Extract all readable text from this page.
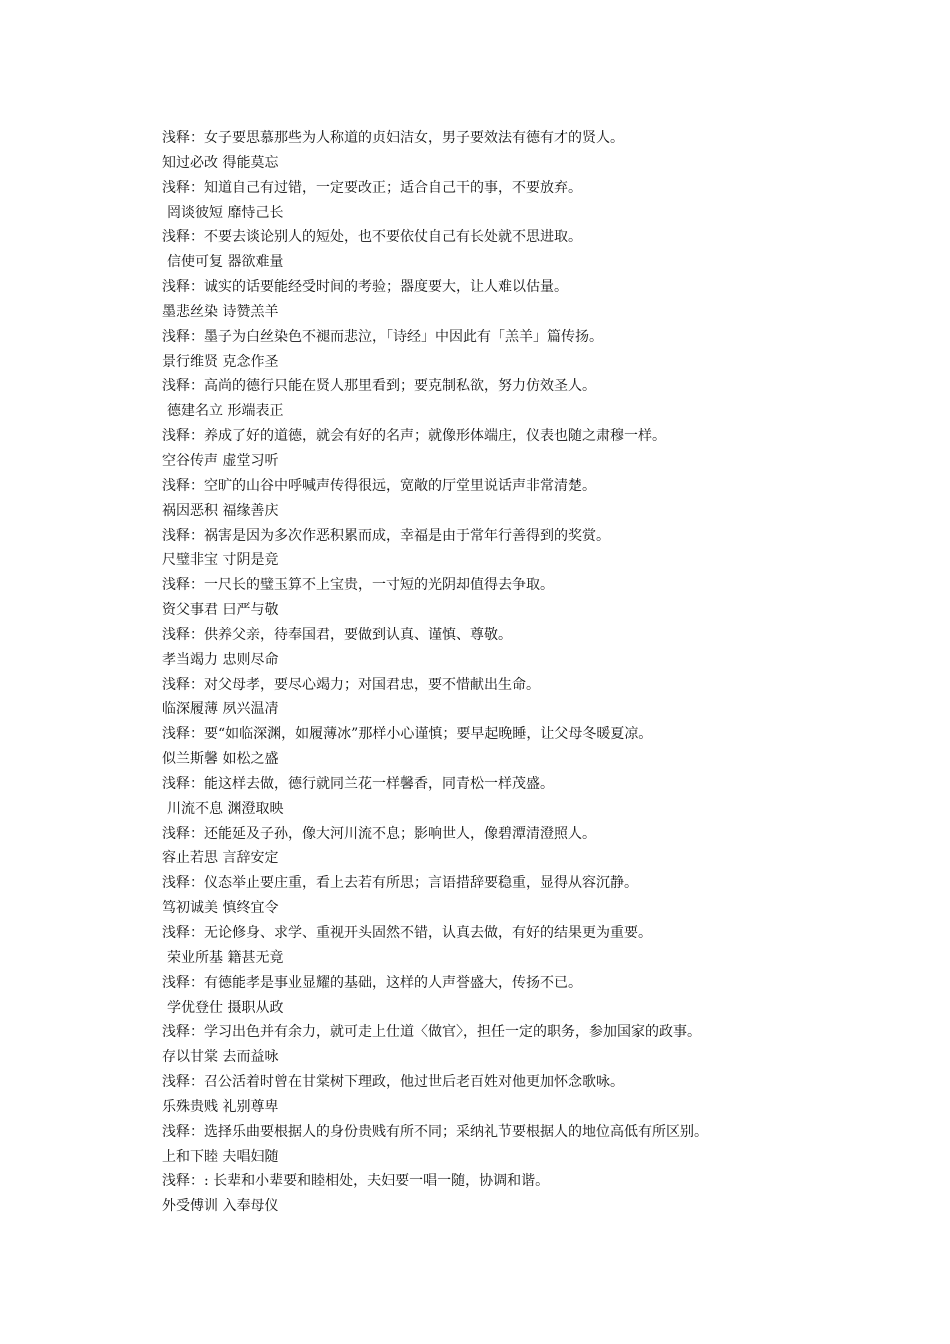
浅释：女子要思慕那些为人称道的贞妇洁女，男子要效法有德有才的贤人。
知过必改 得能莫忘
浅释：知道自己有过错，一定要改正；适合自己干的事，不要放弃。
罔谈彼短 靡恃己长
浅释：不要去谈论别人的短处，也不要依仗自己有长处就不思进取。
信使可复 器欲难量
浅释：诚实的话要能经受时间的考验；器度要大，让人难以估量。
墨悲丝染 诗赞羔羊
浅释：墨子为白丝染色不褪而悲泣，「诗经」中因此有「羔羊」篇传扬。
景行维贤 克念作圣
浅释：高尚的德行只能在贤人那里看到；要克制私欲，努力仿效圣人。
德建名立 形端表正
浅释：养成了好的道德，就会有好的名声；就像形体端庄，仪表也随之肃穆一样。
空谷传声 虚堂习听
浅释：空旷的山谷中呼喊声传得很远，宽敞的厅堂里说话声非常清楚。
祸因恶积 福缘善庆
浅释：祸害是因为多次作恶积累而成，幸福是由于常年行善得到的奖赏。
尺璧非宝 寸阴是竞
浅释：一尺长的璧玉算不上宝贵，一寸短的光阴却值得去争取。
资父事君 曰严与敬
浅释：供养父亲，待奉国君，要做到认真、谨慎、尊敬。
孝当竭力 忠则尽命
浅释：对父母孝，要尽心竭力；对国君忠，要不惜献出生命。
临深履薄 夙兴温凊
浅释：要“如临深渊，如履薄冰”那样小心谨慎；要早起晚睡，让父母冬暖夏凉。
似兰斯馨 如松之盛
浅释：能这样去做，德行就同兰花一样馨香，同青松一样茂盛。
川流不息 渊澄取映
浅释：还能延及子孙，像大河川流不息；影响世人，像碧潭清澄照人。
容止若思 言辞安定
浅释：仪态举止要庄重，看上去若有所思；言语措辞要稳重，显得从容沉静。
笃初诚美 慎终宜令
浅释：无论修身、求学、重视开头固然不错，认真去做，有好的结果更为重要。
荣业所基 籍甚无竟
浅释：有德能孝是事业显耀的基础，这样的人声誉盛大，传扬不已。
学优登仕 摄职从政
浅释：学习出色并有余力，就可走上仕道〈做官〉，担任一定的职务，参加国家的政事。
存以甘棠 去而益咏
浅释：召公活着时曾在甘棠树下理政，他过世后老百姓对他更加怀念歌咏。
乐殊贵贱 礼别尊卑
浅释：选择乐曲要根据人的身份贵贱有所不同；采纳礼节要根据人的地位高低有所区别。
上和下睦 夫唱妇随
浅释：: 长辈和小辈要和睦相处，夫妇要一唱一随，协调和谐。
外受傅训 入奉母仪
